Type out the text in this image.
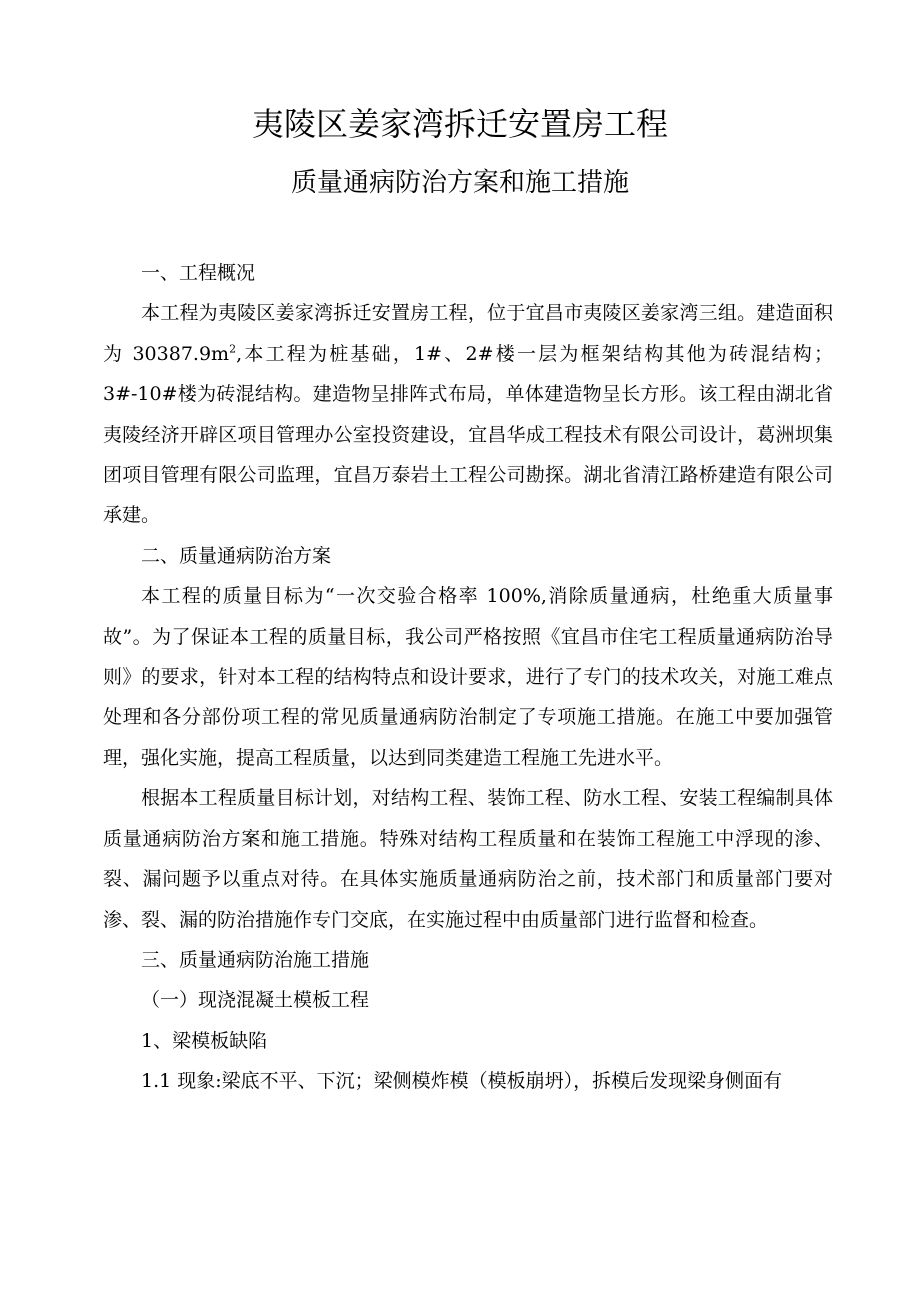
夷陵区姜家湾拆迁安置房工程
质量通病防治方案和施工措施

一、工程概况

本工程为夷陵区姜家湾拆迁安置房工程，位于宜昌市夷陵区姜家湾三组。建造面积为 $30387.9m^2$,本工程为桩基础，1#、2#楼一层为框架结构其他为砖混结构；3#-10#楼为砖混结构。建造物呈排阵式布局，单体建造物呈长方形。该工程由湖北省夷陵经济开辟区项目管理办公室投资建设，宜昌华成工程技术有限公司设计，葛洲坝集团项目管理有限公司监理，宜昌万泰岩土工程公司勘探。湖北省清江路桥建造有限公司承建。

二、质量通病防治方案

本工程的质量目标为“一次交验合格率 100%,消除质量通病，杜绝重大质量事故”。为了保证本工程的质量目标，我公司严格按照《宜昌市住宅工程质量通病防治导则》的要求，针对本工程的结构特点和设计要求，进行了专门的技术攻关，对施工难点处理和各分部份项工程的常见质量通病防治制定了专项施工措施。在施工中要加强管理，强化实施，提高工程质量，以达到同类建造工程施工先进水平。

根据本工程质量目标计划，对结构工程、装饰工程、防水工程、安装工程编制具体质量通病防治方案和施工措施。特殊对结构工程质量和在装饰工程施工中浮现的渗、裂、漏问题予以重点对待。在具体实施质量通病防治之前，技术部门和质量部门要对渗、裂、漏的防治措施作专门交底，在实施过程中由质量部门进行监督和检查。

三、质量通病防治施工措施

（一）现浇混凝土模板工程

1、梁模板缺陷

1.1 现象:梁底不平、下沉；梁侧模炸模（模板崩坍），拆模后发现梁身侧面有
